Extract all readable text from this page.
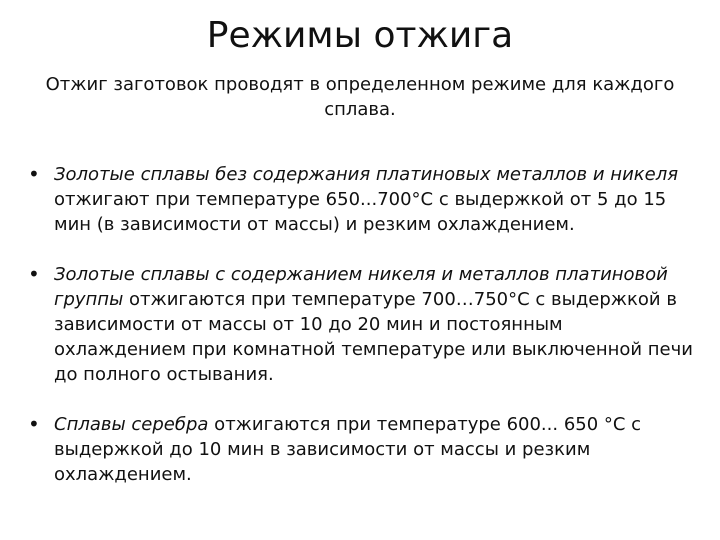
Режимы отжига

Отжиг заготовок проводят в определенном режиме для каждого
сплава.

•
Золотые сплавы без содержания платиновых металлов и никеля отжигают при температуре 650...700°С с выдержкой от 5 до 15 мин (в зависимости от массы) и резким охлаждением.
•
Золотые сплавы с содержанием никеля и металлов платиновой группы отжигаются при температуре 700…750°С с выдержкой в зависимости от массы от 10 до 20 мин и постоянным охлаждением при комнатной температуре или выключенной печи до полного остывания.
•
Сплавы серебра отжигаются при температуре 600... 650 °С с выдержкой до 10 мин в зависимости от массы и резким охлаждением.
